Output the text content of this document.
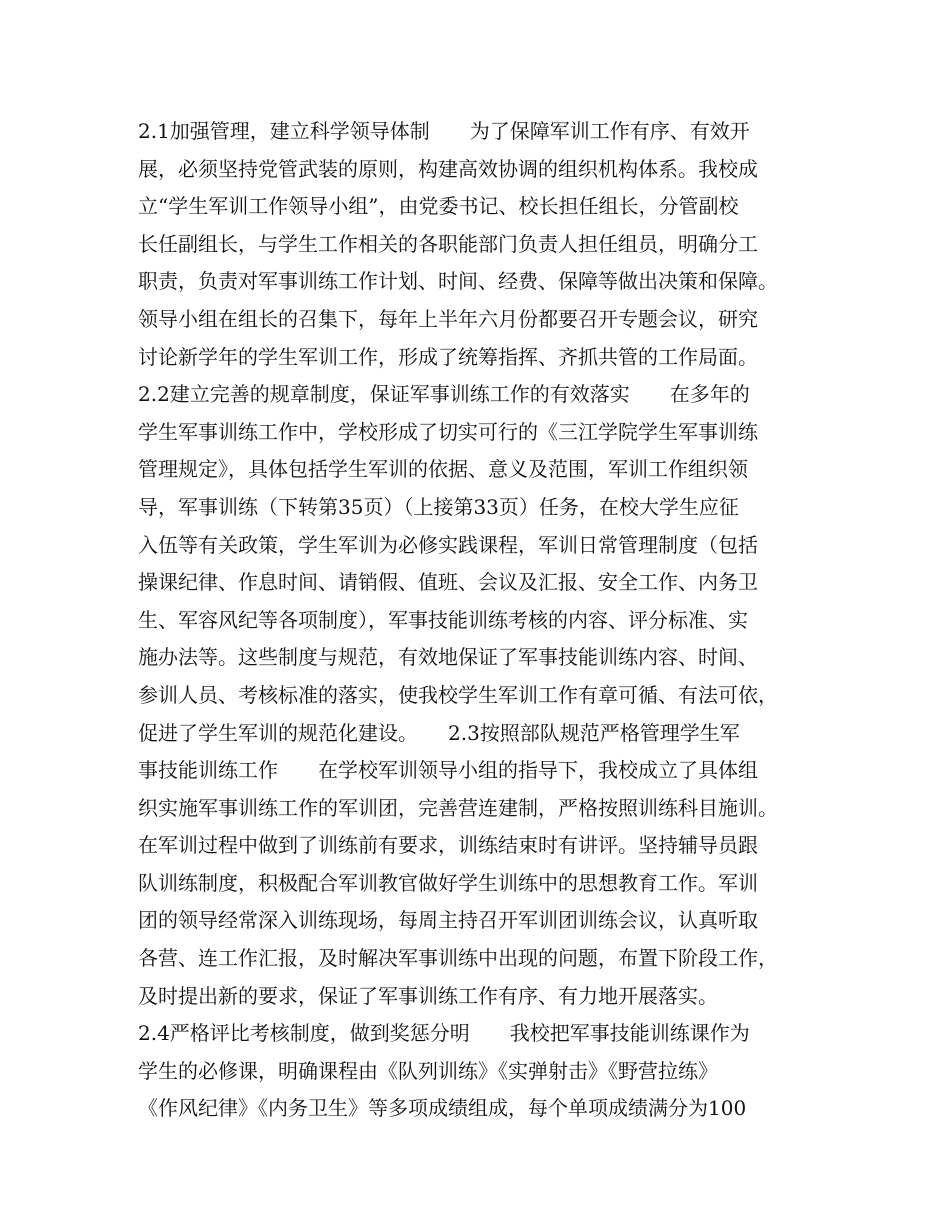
2.1加强管理，建立科学领导体制　　为了保障军训工作有序、有效开
展，必须坚持党管武装的原则，构建高效协调的组织机构体系。我校成
立“学生军训工作领导小组”，由党委书记、校长担任组长，分管副校
长任副组长，与学生工作相关的各职能部门负责人担任组员，明确分工
职责，负责对军事训练工作计划、时间、经费、保障等做出决策和保障。
领导小组在组长的召集下，每年上半年六月份都要召开专题会议，研究
讨论新学年的学生军训工作，形成了统筹指挥、齐抓共管的工作局面。
2.2建立完善的规章制度，保证军事训练工作的有效落实　　在多年的
学生军事训练工作中，学校形成了切实可行的《三江学院学生军事训练
管理规定》，具体包括学生军训的依据、意义及范围，军训工作组织领
导，军事训练（下转第35页）（上接第33页）任务，在校大学生应征
入伍等有关政策，学生军训为必修实践课程，军训日常管理制度（包括
操课纪律、作息时间、请销假、值班、会议及汇报、安全工作、内务卫
生、军容风纪等各项制度），军事技能训练考核的内容、评分标准、实
施办法等。这些制度与规范，有效地保证了军事技能训练内容、时间、
参训人员、考核标准的落实，使我校学生军训工作有章可循、有法可依，
促进了学生军训的规范化建设。　　2.3按照部队规范严格管理学生军
事技能训练工作　　在学校军训领导小组的指导下，我校成立了具体组
织实施军事训练工作的军训团，完善营连建制，严格按照训练科目施训。
在军训过程中做到了训练前有要求，训练结束时有讲评。坚持辅导员跟
队训练制度，积极配合军训教官做好学生训练中的思想教育工作。军训
团的领导经常深入训练现场，每周主持召开军训团训练会议，认真听取
各营、连工作汇报，及时解决军事训练中出现的问题，布置下阶段工作，
及时提出新的要求，保证了军事训练工作有序、有力地开展落实。
2.4严格评比考核制度，做到奖惩分明　　我校把军事技能训练课作为
学生的必修课，明确课程由《队列训练》《实弹射击》《野营拉练》
《作风纪律》《内务卫生》等多项成绩组成，每个单项成绩满分为100
